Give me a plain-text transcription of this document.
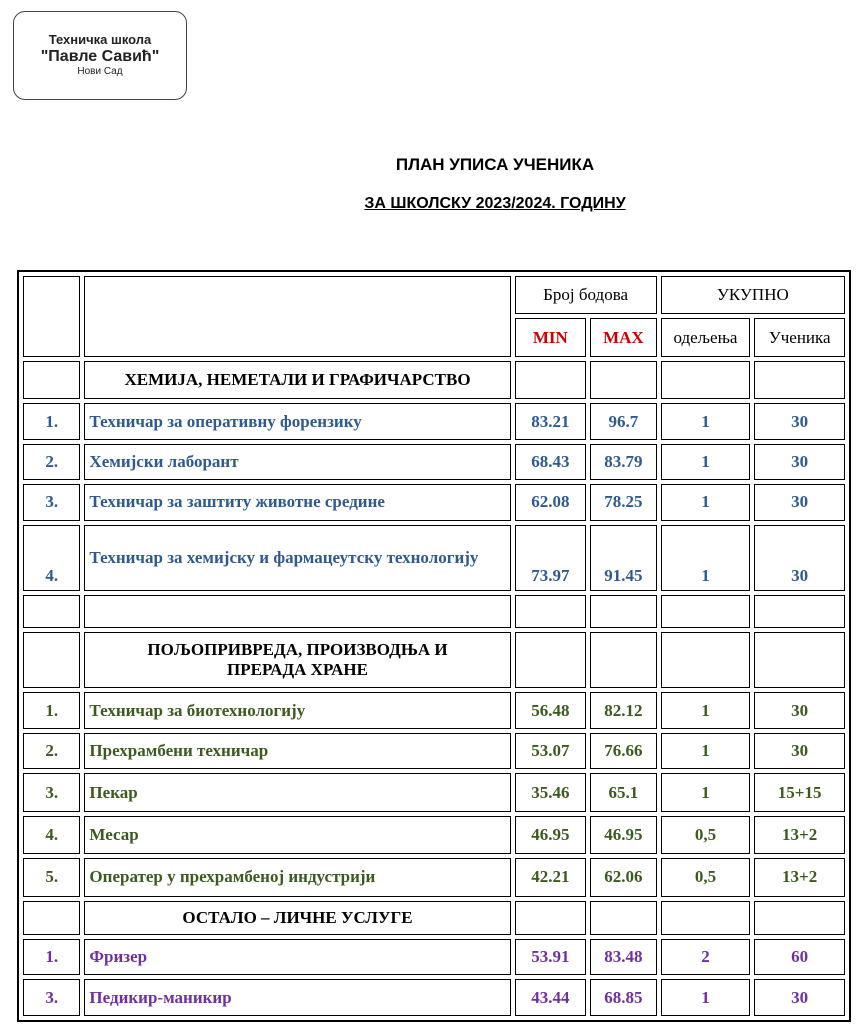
Техничка школа
"Павле Савић"
Нови Сад
ПЛАН УПИСА УЧЕНИКА
ЗА ШКОЛСКУ 2023/2024. ГОДИНУ
		Број бодова		УКУПНО	
		MIN	MAX	одељења	Ученика
	ХЕМИЈА, НЕМЕТАЛИ И ГРАФИЧАРСТВО				
1.	Техничар за оперативну форензику	83.21	96.7	1	30
2.	Хемијски лаборант	68.43	83.79	1	30
3.	Техничар за заштиту животне средине	62.08	78.25	1	30
4.	Техничар за хемијску и фармацеутску технологију	73.97	91.45	1	30

	ПОЉОПРИВРЕДА, ПРОИЗВОДЊА И ПРЕРАДА ХРАНЕ				
1.	Техничар за биотехнологију	56.48	82.12	1	30
2.	Прехрамбени техничар	53.07	76.66	1	30
3.	Пекар	35.46	65.1	1	15+15
4.	Месар	46.95	46.95	0,5	13+2
5.	Оператер у прехрамбеној индустрији	42.21	62.06	0,5	13+2
	ОСТАЛО – ЛИЧНЕ УСЛУГЕ				
1.	Фризер	53.91	83.48	2	60
3.	Педикир-маникир	43.44	68.85	1	30
